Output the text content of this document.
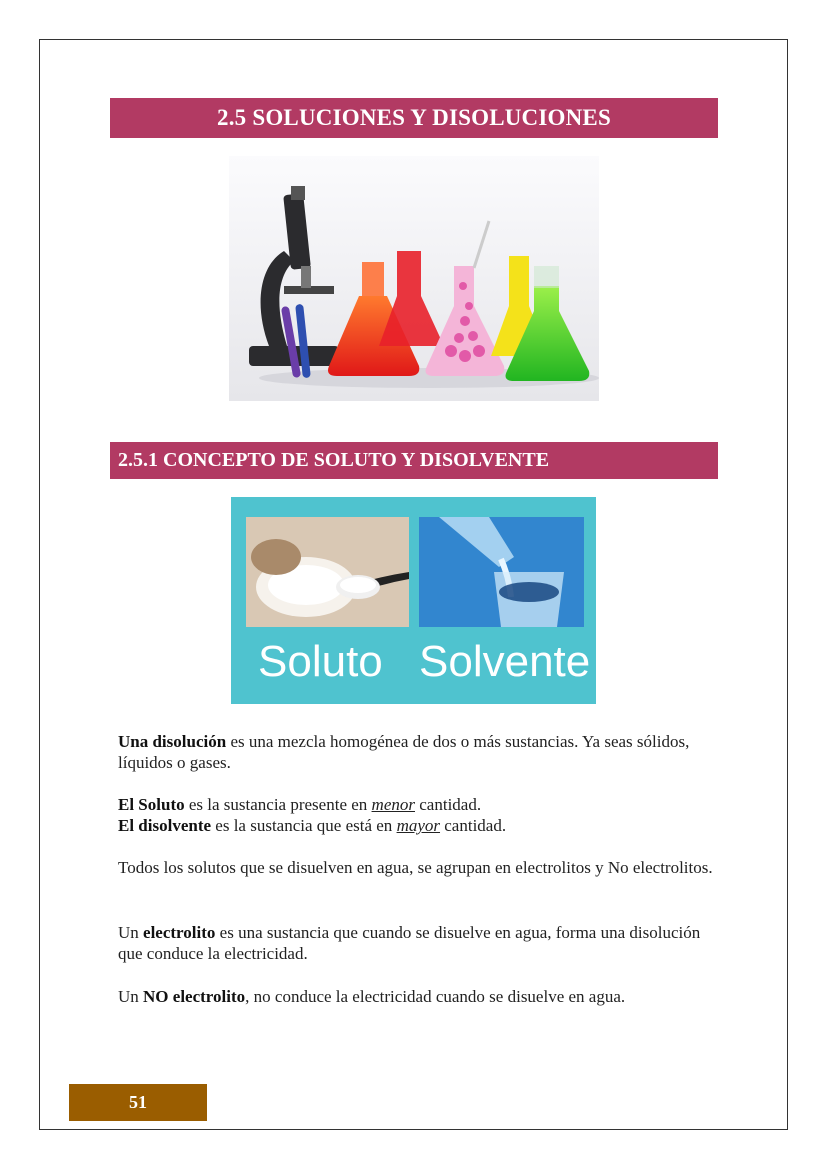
2.5 SOLUCIONES Y DISOLUCIONES
2.5.1 CONCEPTO DE SOLUTO Y DISOLVENTE
Soluto Solvente

Una disolución es una mezcla homogénea de dos o más sustancias. Ya seas sólidos, líquidos o gases.

El Soluto es la sustancia presente en menor cantidad.

El disolvente es la sustancia que está en mayor cantidad.

Todos los solutos que se disuelven en agua, se agrupan en electrolitos y No electrolitos.

Un electrolito es una sustancia que cuando se disuelve en agua, forma una disolución que conduce la electricidad.

Un NO electrolito, no conduce la electricidad cuando se disuelve en agua.

51
